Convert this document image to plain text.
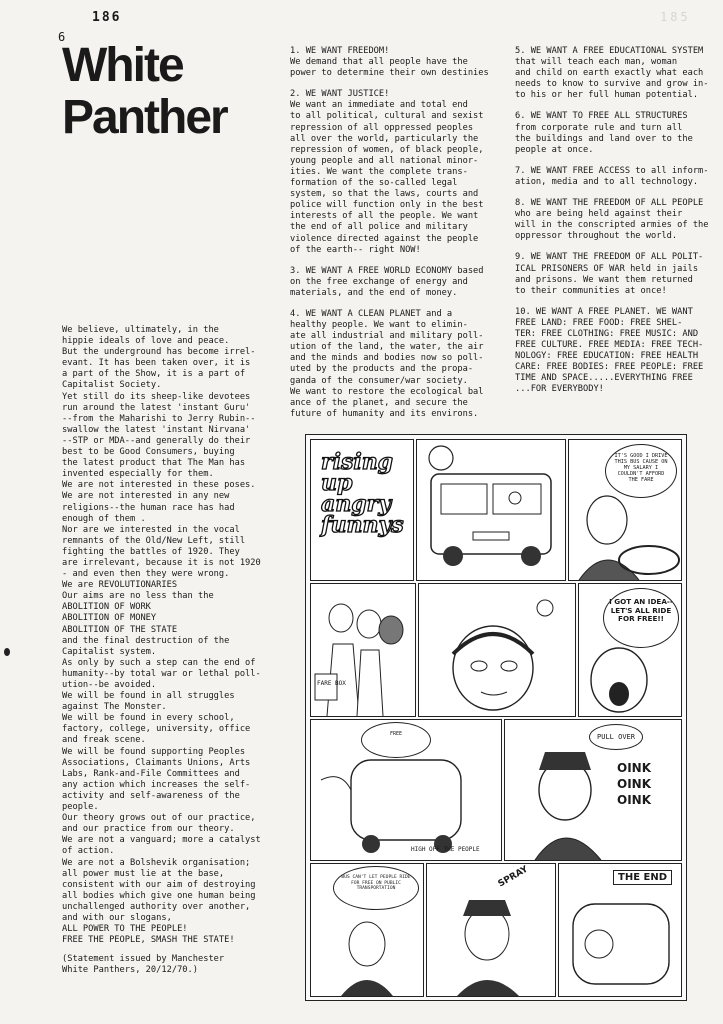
186
6
185
White
Panther
1. WE WANT FREEDOM!
We demand that all people have the
power to determine their own destinies
2. WE WANT JUSTICE!
We want an immediate and total end
to all political, cultural and sexist
repression of all oppressed peoples
all over the world, particularly the
repression of women, of black people,
young people and all national minor-
ities. We want the complete trans-
formation of the so-called legal
system, so that the laws, courts and
police will function only in the best
interests of all the people. We want
the end of all police and military
violence directed against the people
of the earth-- right NOW!
3. WE WANT A FREE WORLD ECONOMY based
on the free exchange of energy and
materials, and the end of money.
4. WE WANT A CLEAN PLANET and a
healthy people. We want to elimin-
ate all industrial and military poll-
ution of the land, the water, the air
and the minds and bodies now so poll-
uted by the products and the propa-
ganda of the consumer/war society.
We want to restore the ecological bal
ance of the planet, and secure the
future of humanity and its environs.
5. WE WANT A FREE EDUCATIONAL SYSTEM
that will teach each man, woman
and child on earth exactly what each
needs to know to survive and grow in-
to his or her full human potential.
6. WE WANT TO FREE ALL STRUCTURES
from corporate rule and turn all
the buildings and land over to the
people at once.
7. WE WANT FREE ACCESS to all inform-
ation, media and to all technology.
8. WE WANT THE FREEDOM OF ALL PEOPLE
who are being held against their
will in the conscripted armies of the
oppressor throughout the world.
9. WE WANT THE FREEDOM OF ALL POLIT-
ICAL PRISONERS OF WAR held in jails
and prisons. We want them returned
to their communities at once!
10. WE WANT A FREE PLANET. WE WANT
FREE LAND: FREE FOOD: FREE SHEL-
TER: FREE CLOTHING: FREE MUSIC: AND
FREE CULTURE. FREE MEDIA: FREE TECH-
NOLOGY: FREE EDUCATION: FREE HEALTH
CARE: FREE BODIES: FREE PEOPLE: FREE
TIME AND SPACE.....EVERYTHING FREE
...FOR EVERYBODY!

We believe, ultimately, in the
hippie ideals of love and peace.
But the underground has become irrel-
evant. It has been taken over, it is
a part of the Show, it is a part of
Capitalist Society.
Yet still do its sheep-like devotees
run around the latest 'instant Guru'
--from the Maharishi to Jerry Rubin--
swallow the latest 'instant Nirvana'
--STP or MDA--and generally do their
best to be Good Consumers, buying
the latest product that The Man has
invented especially for them.
We are not interested in these poses.
We are not interested in any new
religions--the human race has had
enough of them .
Nor are we interested in the vocal
remnants of the Old/New Left, still
fighting the battles of 1920. They
are irrelevant, because it is not 1920
- and even then they were wrong.
We are REVOLUTIONARIES
Our aims are no less than the
ABOLITION OF WORK
ABOLITION OF MONEY
ABOLITION OF THE STATE
and the final destruction of the
Capitalist system.
As only by such a step can the end of
humanity--by total war or lethal poll-
ution--be avoided.
We will be found in all struggles
against The Monster.
We will be found in every school,
factory, college, university, office
and freak scene.
We will be found supporting Peoples
Associations, Claimants Unions, Arts
Labs, Rank-and-File Committees and
any action which increases the self-
activity and self-awareness of the
people.
Our theory grows out of our practice,
and our practice from our theory.
We are not a vanguard; more a catalyst
of action.
We are not a Bolshevik organisation;
all power must lie at the base,
consistent with our aim of destroying
all bodies which give one human being
unchallenged authority over another,
and with our slogans,
ALL POWER TO THE PEOPLE!
FREE THE PEOPLE, SMASH THE STATE!

(Statement issued by Manchester
White Panthers, 20/12/70.)

rising
up
angry
funnys
IT'S GOOD I DRIVE THIS BUS CAUSE ON MY SALARY I COULDN'T AFFORD THE FARE
FARE BOX
I GOT AN IDEA-- LET'S ALL RIDE FOR FREE!!
FREE
HIGH OFF THE PEOPLE
PULL OVER
OINK OINK OINK
BUS CAN'T LET PEOPLE RIDE FOR FREE ON PUBLIC TRANSPORTATION	SPRAY	THE END
